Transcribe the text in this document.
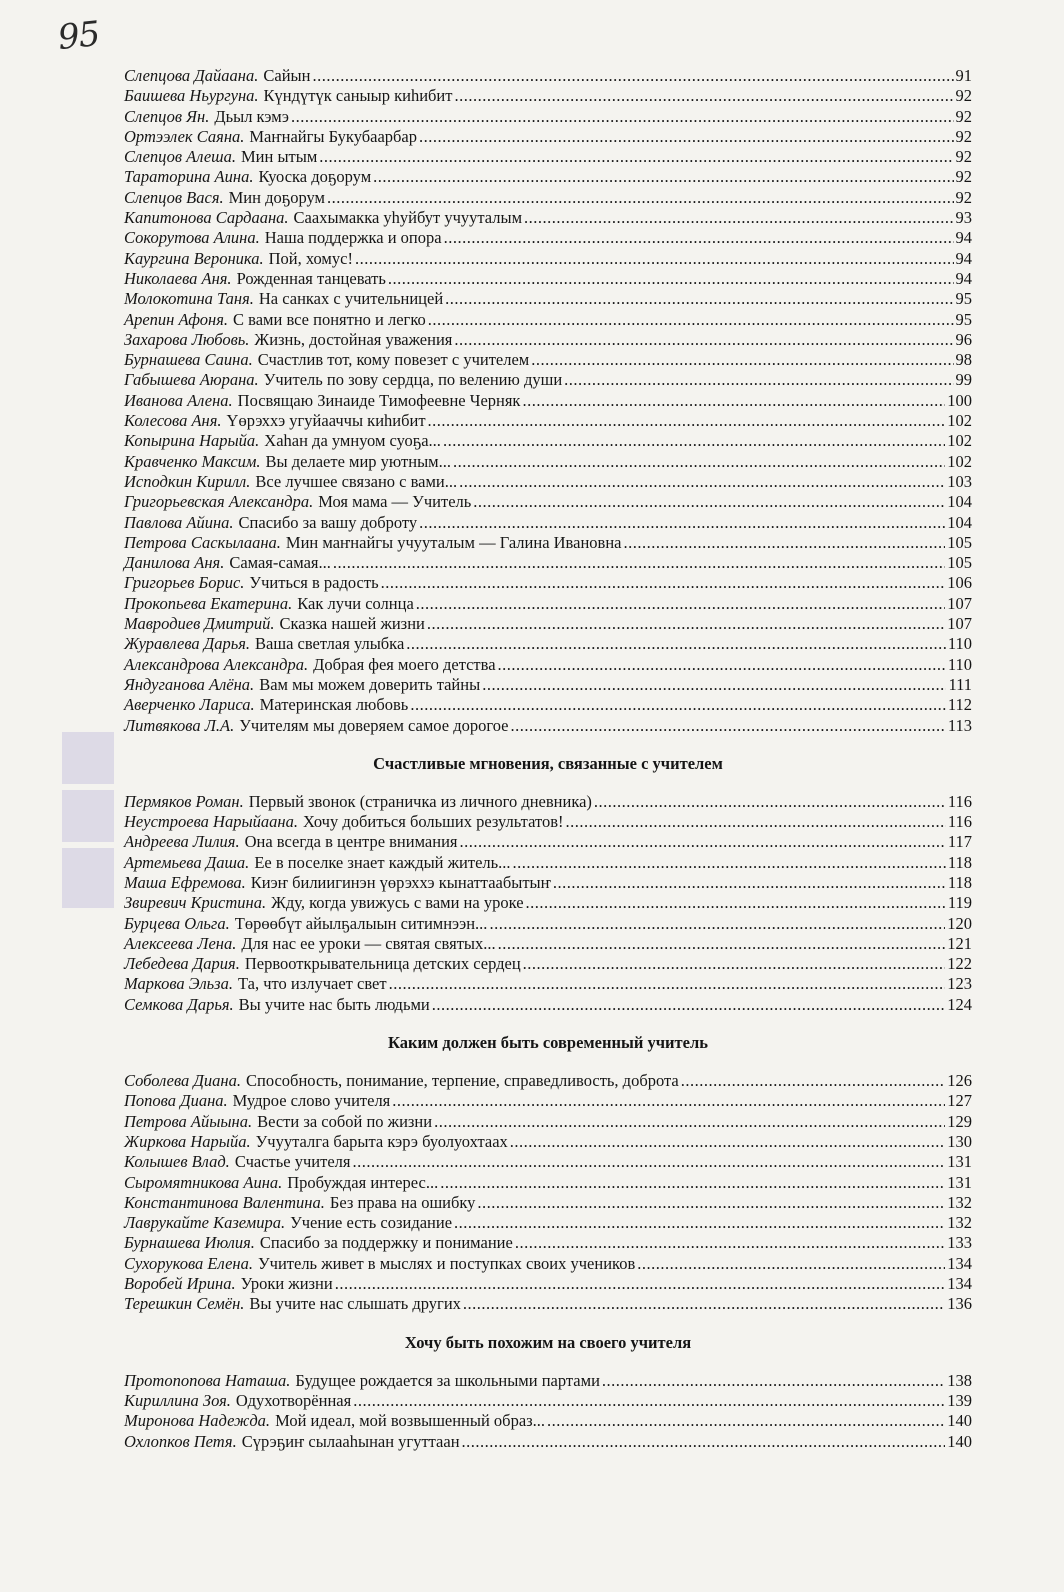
95
Слепцова Дайаана. Сайын .....	91
Баишева Ньургуна. Күндүтүк саныыр киһибит .....	92
Слепцов Ян. Дьыл кэмэ .....	92
Ортээлек Саяна. Маҥнайгы Букубаарбар .....	92
Слепцов Алеша. Мин ытым .....	92
Тараторина Аина. Куоска доҕорум .....	92
Слепцов Вася. Мин доҕорум .....	92
Капитонова Сардаана. Саахымакка уһуйбут учууталым .....	93
Сокорутова Алина. Наша поддержка и опора .....	94
Каургина Вероника. Пой, хомус! .....	94
Николаева Аня. Рожденная танцевать .....	94
Молокотина Таня. На санках с учительницей .....	95
Арепин Афоня. С вами все понятно и легко .....	95
Захарова Любовь. Жизнь, достойная уважения .....	96
Бурнашева Саина. Счастлив тот, кому повезет с учителем .....	98
Габышева Аюрана. Учитель по зову сердца, по велению души .....	99
Иванова Алена. Посвящаю Зинаиде Тимофеевне Черняк .....	100
Колесова Аня. Үөрэххэ угуйааччы киһибит .....	102
Копырина Нарыйа. Хаһан да умнуом суоҕа... .....	102
Кравченко Максим. Вы делаете мир уютным... .....	102
Исподкин Кирилл. Все лучшее связано с вами... .....	103
Григорьевская Александра. Моя мама — Учитель .....	104
Павлова Айина. Спасибо за вашу доброту .....	104
Петрова Саскылаана. Мин маҥнайгы учууталым — Галина Ивановна .....	105
Данилова Аня. Самая-самая... .....	105
Григорьев Борис. Учиться в радость .....	106
Прокопьева Екатерина. Как лучи солнца .....	107
Мавродиев Дмитрий. Сказка нашей жизни .....	107
Журавлева Дарья. Ваша светлая улыбка .....	110
Александрова Александра. Добрая фея моего детства .....	110
Яндуганова Алёна. Вам мы можем доверить тайны .....	111
Аверченко Лариса. Материнская любовь .....	112
Литвякова Л.А. Учителям мы доверяем самое дорогое .....	113
Счастливые мгновения, связанные с учителем
Пермяков Роман. Первый звонок (страничка из личного дневника) .....	116
Неустроева Нарыйаана. Хочу добиться больших результатов! .....	116
Андреева Лилия. Она всегда в центре внимания .....	117
Артемьева Даша. Ее в поселке знает каждый житель... .....	118
Маша Ефремова. Киэҥ билиигинэн үөрэххэ кынаттаабытыҥ .....	118
Звиревич Кристина. Жду, когда увижусь с вами на уроке .....	119
Бурцева Ольга. Төрөөбүт айылҕалыын ситимнээн... .....	120
Алексеева Лена. Для нас ее уроки — святая святых... .....	121
Лебедева Дария. Первооткрывательница детских сердец .....	122
Маркова Эльза. Та, что излучает свет .....	123
Семкова Дарья. Вы учите нас быть людьми .....	124
Каким должен быть современный учитель
Соболева Диана. Способность, понимание, терпение, справедливость, доброта .....	126
Попова Диана. Мудрое слово учителя .....	127
Петрова Айыына. Вести за собой по жизни .....	129
Жиркова Нарыйа. Учууталга барыта кэрэ буолуохтаах .....	130
Колышев Влад. Счастье учителя .....	131
Сыромятникова Аина. Пробуждая интерес... .....	131
Константинова Валентина. Без права на ошибку .....	132
Лаврукайте Каземира. Учение есть созидание .....	132
Бурнашева Июлия. Спасибо за поддержку и понимание .....	133
Сухорукова Елена. Учитель живет в мыслях и поступках своих учеников .....	134
Воробей Ирина. Уроки жизни .....	134
Терешкин Семён. Вы учите нас слышать других .....	136
Хочу быть похожим на своего учителя
Протопопова Наташа. Будущее рождается за школьными партами .....	138
Кириллина Зоя. Одухотворённая .....	139
Миронова Надежда. Мой идеал, мой возвышенный образ... .....	140
Охлопков Петя. Сүрэҕиҥ сылааһынан угуттаан .....	140
